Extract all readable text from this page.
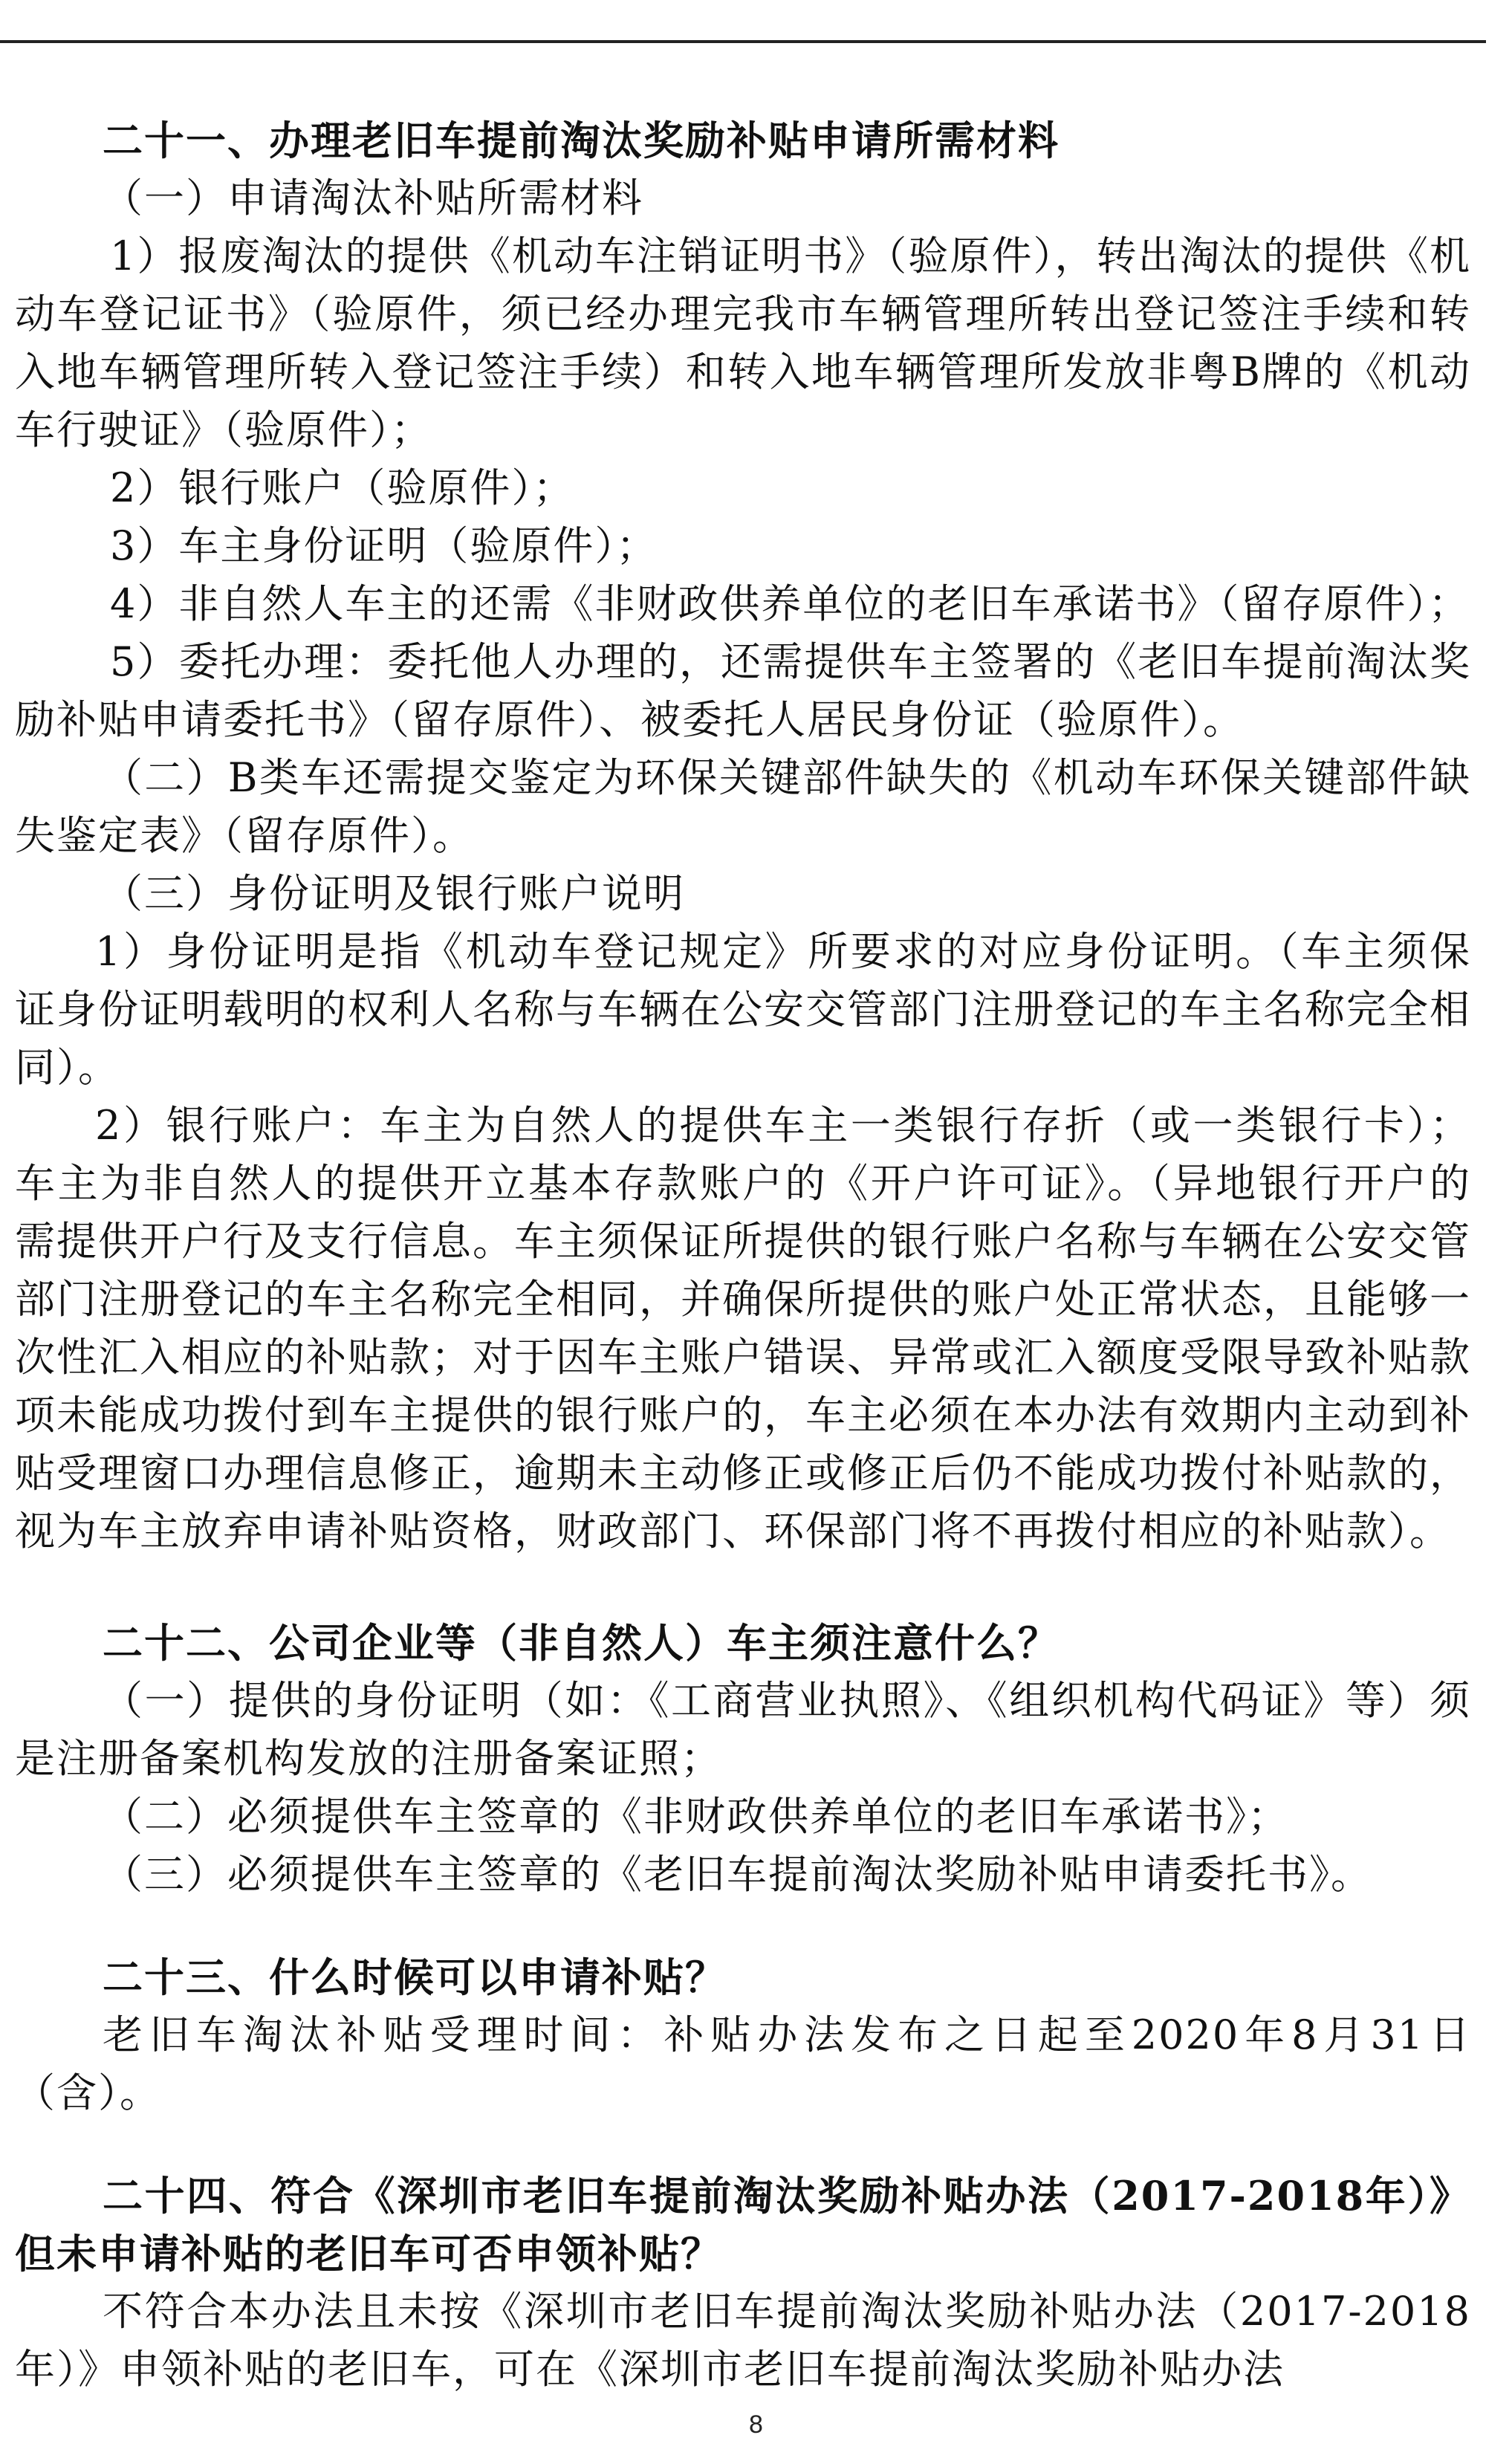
二十一、办理老旧车提前淘汰奖励补贴申请所需材料

（一）申请淘汰补贴所需材料

1）报废淘汰的提供《机动车注销证明书》（验原件），转出淘汰的提供《机动车登记证书》（验原件，须已经办理完我市车辆管理所转出登记签注手续和转入地车辆管理所转入登记签注手续）和转入地车辆管理所发放非粤B牌的《机动车行驶证》（验原件）；

2）银行账户（验原件）；

3）车主身份证明（验原件）；

4）非自然人车主的还需《非财政供养单位的老旧车承诺书》（留存原件）；

5）委托办理：委托他人办理的，还需提供车主签署的《老旧车提前淘汰奖励补贴申请委托书》（留存原件）、被委托人居民身份证（验原件）。

（二）B类车还需提交鉴定为环保关键部件缺失的《机动车环保关键部件缺失鉴定表》（留存原件）。

（三）身份证明及银行账户说明

1）身份证明是指《机动车登记规定》所要求的对应身份证明。（车主须保证身份证明载明的权利人名称与车辆在公安交管部门注册登记的车主名称完全相同）。

2）银行账户：车主为自然人的提供车主一类银行存折（或一类银行卡）；车主为非自然人的提供开立基本存款账户的《开户许可证》。（异地银行开户的需提供开户行及支行信息。车主须保证所提供的银行账户名称与车辆在公安交管部门注册登记的车主名称完全相同，并确保所提供的账户处正常状态，且能够一次性汇入相应的补贴款；对于因车主账户错误、异常或汇入额度受限导致补贴款项未能成功拨付到车主提供的银行账户的，车主必须在本办法有效期内主动到补贴受理窗口办理信息修正，逾期未主动修正或修正后仍不能成功拨付补贴款的，视为车主放弃申请补贴资格，财政部门、环保部门将不再拨付相应的补贴款）。

二十二、公司企业等（非自然人）车主须注意什么？

（一）提供的身份证明（如：《工商营业执照》、《组织机构代码证》等）须是注册备案机构发放的注册备案证照；

（二）必须提供车主签章的《非财政供养单位的老旧车承诺书》；

（三）必须提供车主签章的《老旧车提前淘汰奖励补贴申请委托书》。

二十三、什么时候可以申请补贴？

老旧车淘汰补贴受理时间：补贴办法发布之日起至2020年8月31日（含）。

二十四、符合《深圳市老旧车提前淘汰奖励补贴办法（2017-2018年）》但未申请补贴的老旧车可否申领补贴？

不符合本办法且未按《深圳市老旧车提前淘汰奖励补贴办法（2017-2018年）》申领补贴的老旧车，可在《深圳市老旧车提前淘汰奖励补贴办法

8
